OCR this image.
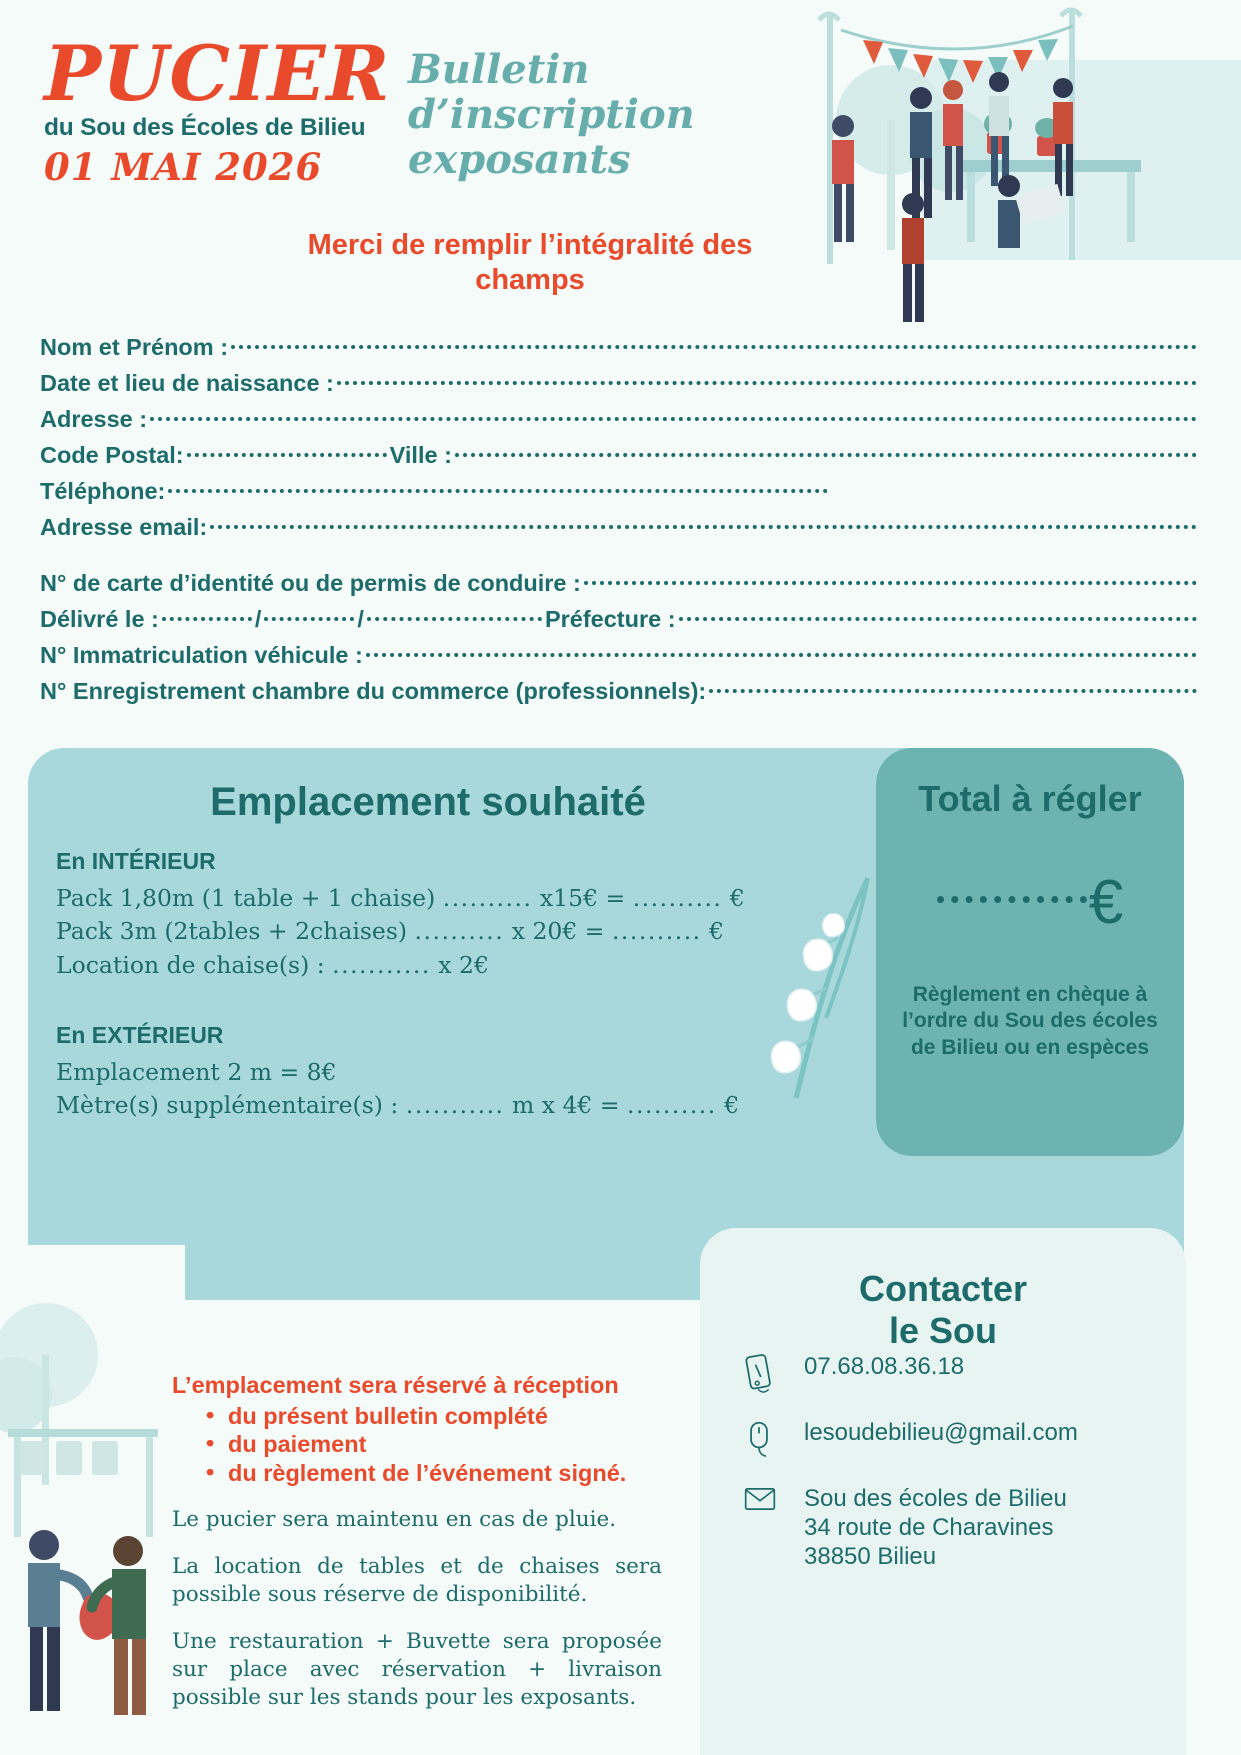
PUCIER
du Sou des Écoles de Bilieu
01 MAI 2026
Bulletin
d’inscription
exposants
Merci de remplir l’intégralité des champs
Nom et Prénom :
Date et lieu de naissance :
Adresse :
Code Postal:	Ville :
Téléphone:
Adresse email:
N° de carte d’identité ou de permis de conduire :
Délivré le :	/	/	Préfecture :
N° Immatriculation véhicule :
N° Enregistrement chambre du commerce (professionnels):
Emplacement souhaité
En INTÉRIEUR
Pack 1,80m (1 table + 1 chaise) .......... x15€ = .......... €
Pack 3m (2tables + 2chaises) .......... x 20€ = .......... €
Location de chaise(s) : ........... x 2€
En EXTÉRIEUR
Emplacement 2 m = 8€
Mètre(s) supplémentaire(s) : ........... m x 4€ = .......... €
Total à régler
€
Règlement en chèque à l’ordre du Sou des écoles de Bilieu ou en espèces
L’emplacement sera réservé à réception
• du présent bulletin complété
• du paiement
• du règlement de l’événement signé.

Le pucier sera maintenu en cas de pluie.

La location de tables et de chaises sera possible sous réserve de disponibilité.

Une restauration + Buvette sera proposée sur place avec réservation + livraison possible sur les stands pour les exposants.

Contacter
le Sou
07.68.08.36.18
lesoudebilieu@gmail.com
Sou des écoles de Bilieu
34 route de Charavines
38850 Bilieu
